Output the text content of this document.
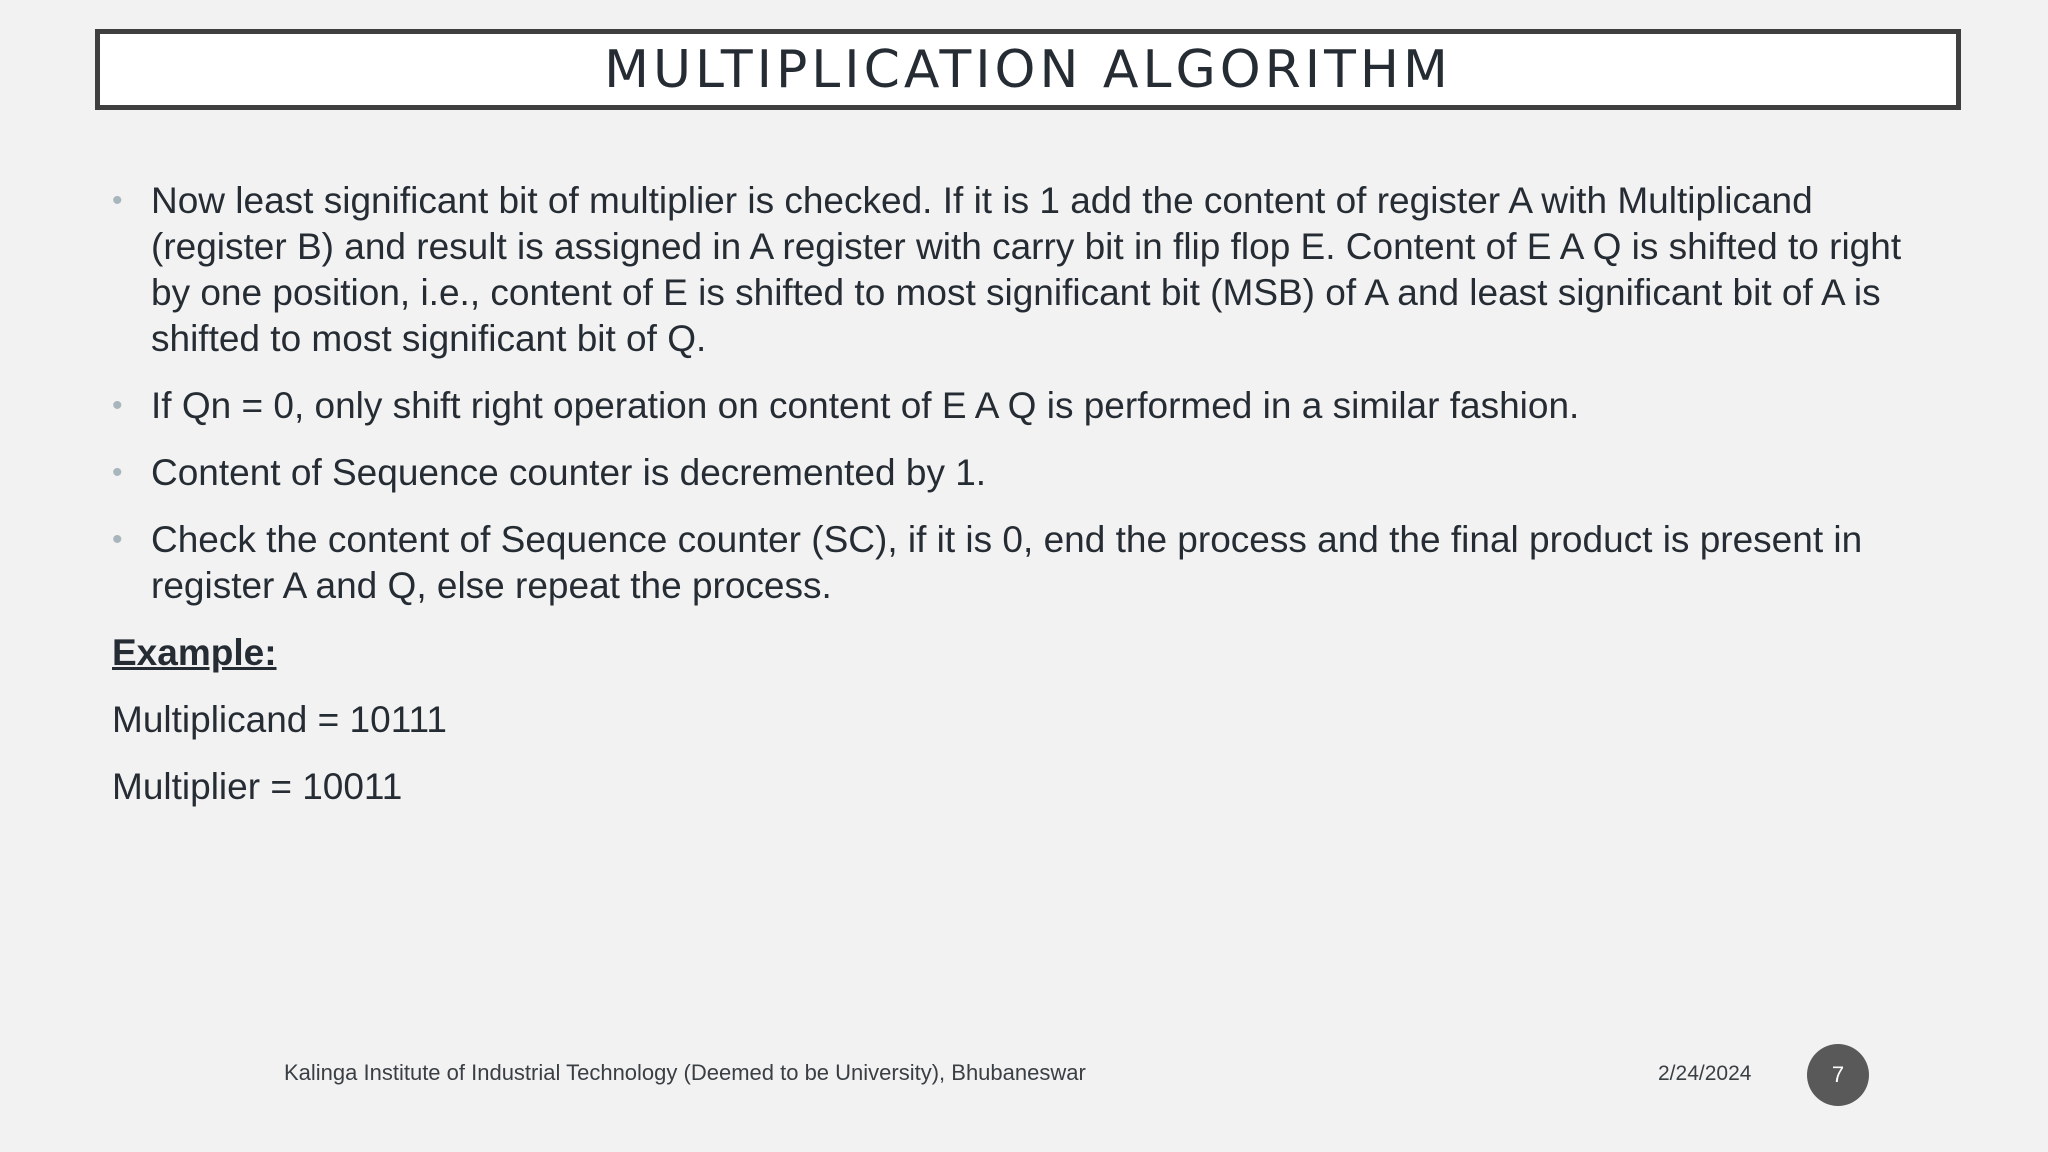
MULTIPLICATION ALGORITHM
• Now least significant bit of multiplier is checked. If it is 1 add the content of register A with Multiplicand (register B) and result is assigned in A register with carry bit in flip flop E. Content of E A Q is shifted to right by one position, i.e., content of E is shifted to most significant bit (MSB) of A and least significant bit of A is shifted to most significant bit of Q.
• If Qn = 0, only shift right operation on content of E A Q is performed in a similar fashion.
• Content of Sequence counter is decremented by 1.
• Check the content of Sequence counter (SC), if it is 0, end the process and the final product is present in register A and Q, else repeat the process.
Example:
Multiplicand = 10111
Multiplier = 10011
Kalinga Institute of Industrial Technology (Deemed to be University), Bhubaneswar	2/24/2024	7
